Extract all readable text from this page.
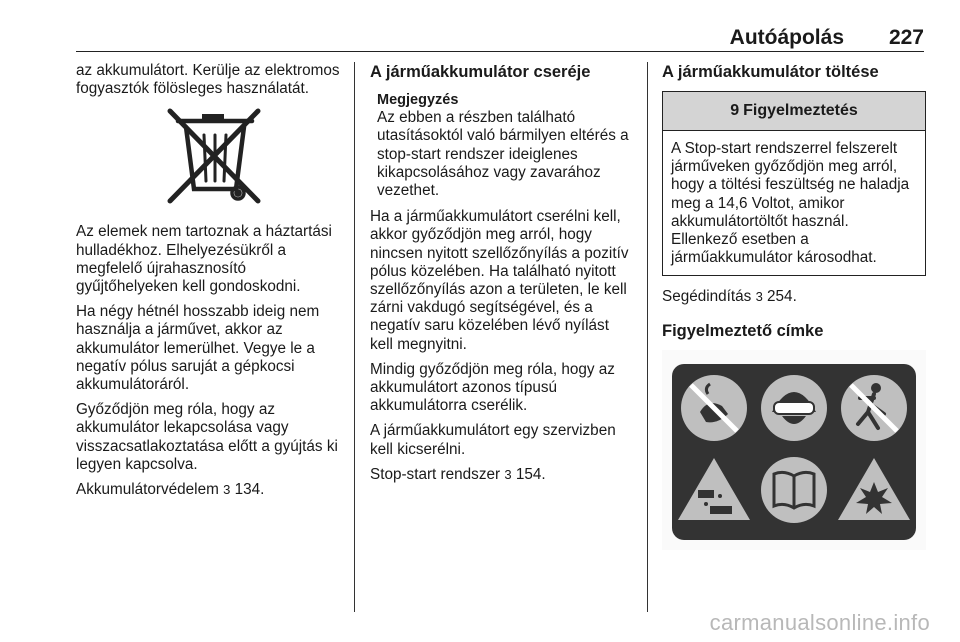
Autóápolás 227

az akkumulátort. Kerülje az elektromos fogyasztók fölösleges használatát.

Az elemek nem tartoznak a háztartási hulladékhoz. Elhelyezésükről a megfelelő újrahasznosító gyűjtőhelyeken kell gondoskodni.

Ha négy hétnél hosszabb ideig nem használja a járművet, akkor az akkumulátor lemerülhet. Vegye le a negatív pólus saruját a gépkocsi akkumulátoráról.

Győződjön meg róla, hogy az akkumulátor lekapcsolása vagy visszacsatlakoztatása előtt a gyújtás ki legyen kapcsolva.

Akkumulátorvédelem 3 134.

A járműakkumulátor cseréje
Megjegyzés
Az ebben a részben található utasításoktól való bármilyen eltérés a stop-start rendszer ideiglenes kikapcsolásához vagy zavarához vezethet.

Ha a járműakkumulátort cserélni kell, akkor győződjön meg arról, hogy nincsen nyitott szellőzőnyílás a pozitív pólus közelében. Ha található nyitott szellőzőnyílás azon a területen, le kell zárni vakdugó segítségével, és a negatív saru közelében lévő nyílást kell megnyitni.

Mindig győződjön meg róla, hogy az akkumulátort azonos típusú akkumulátorra cserélik.

A járműakkumulátort egy szervizben kell kicserélni.

Stop-start rendszer 3 154.

A járműakkumulátor töltése
9 Figyelmeztetés
A Stop-start rendszerrel felszerelt járműveken győződjön meg arról, hogy a töltési feszültség ne haladja meg a 14,6 Voltot, amikor akkumulátortöltőt használ. Ellenkező esetben a járműakkumulátor károsodhat.

Segédindítás 3 254.

Figyelmeztető címke
carmanualsonline.info
